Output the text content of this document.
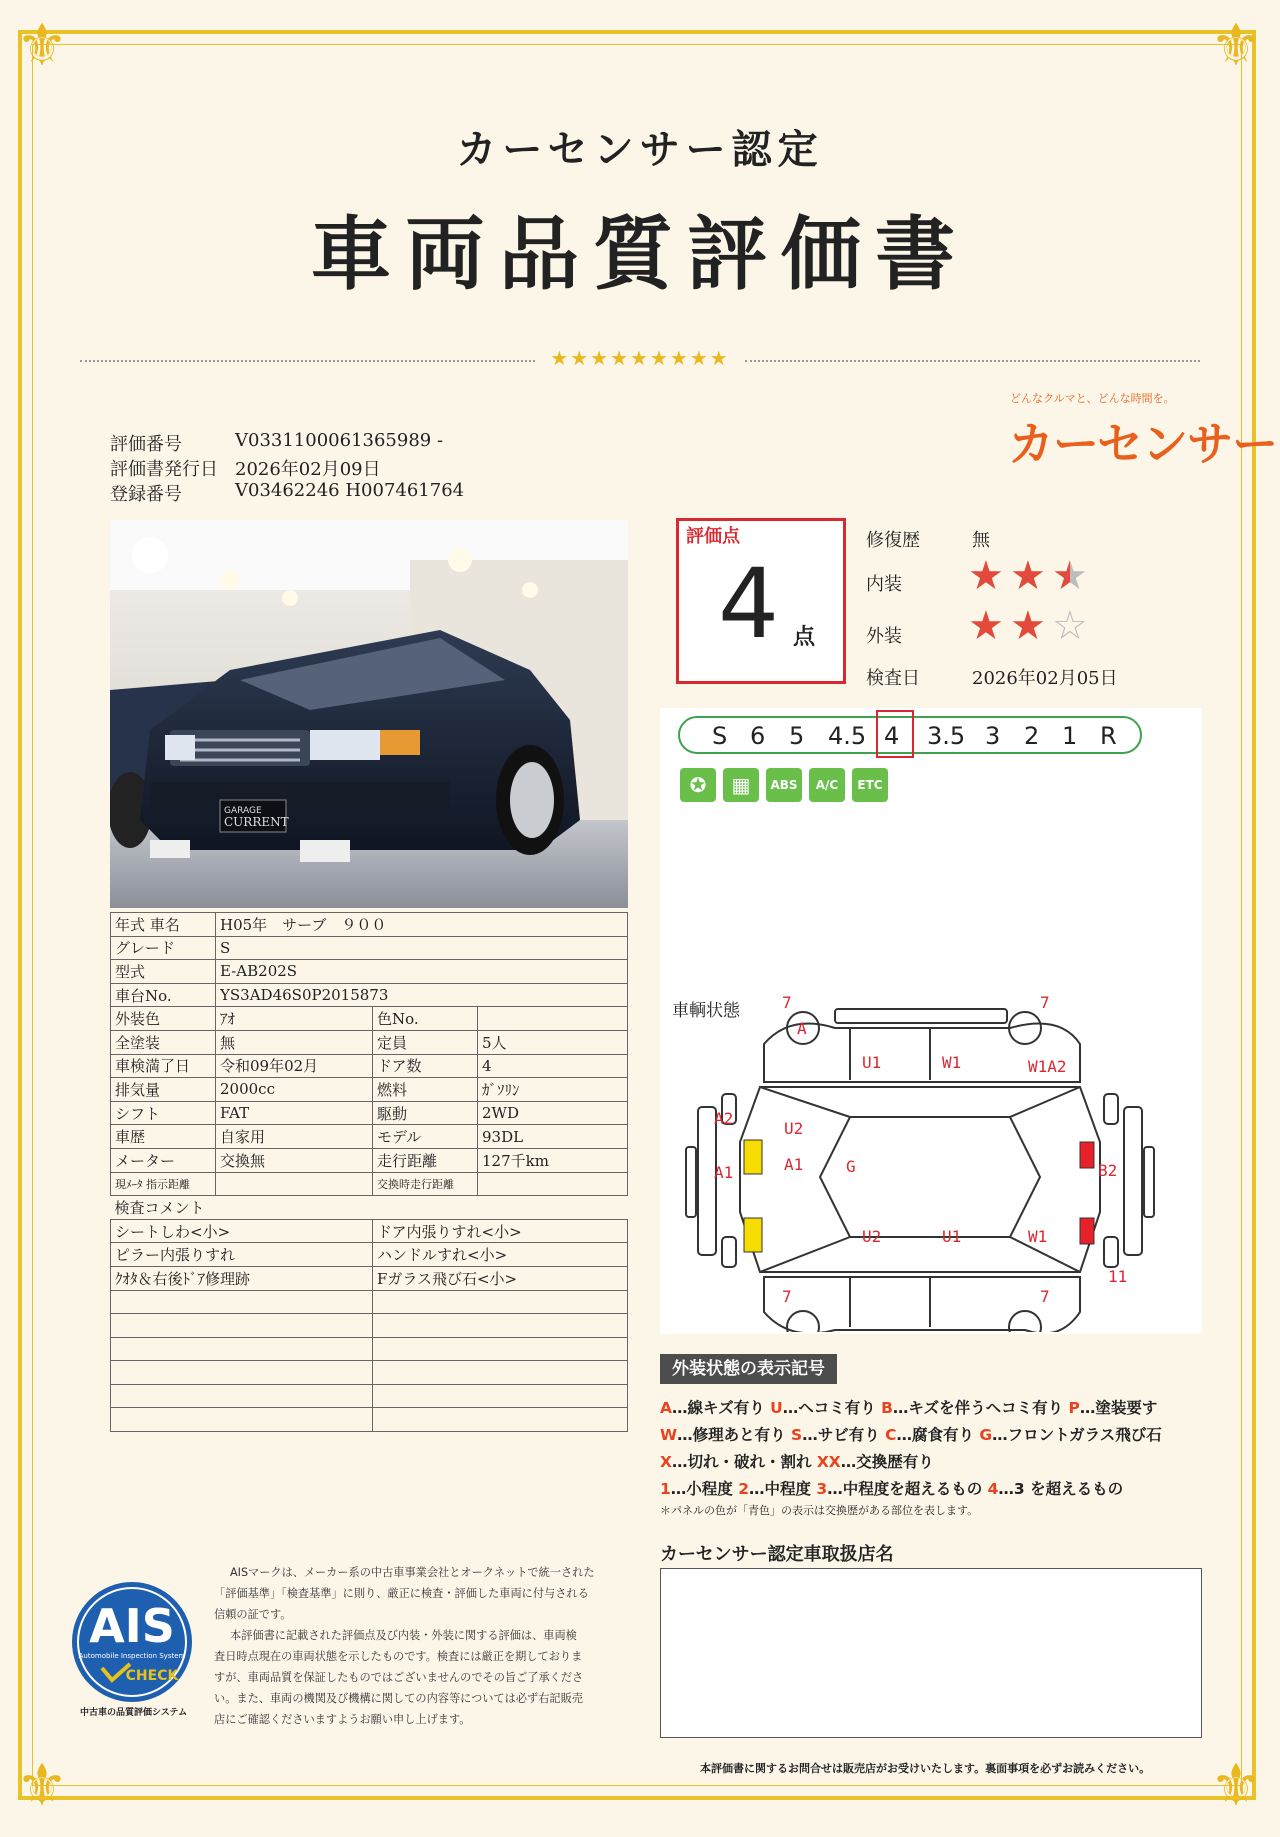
⚜	⚜
⚜	⚜
カーセンサー認定
車両品質評価書
★★★★★★★★★
どんなクルマと、どんな時間を。
カーセンサー
評価番号	V0331100061365989 -
評価書発行日 2026年02月09日
登録番号	V03462246 H007461764
GARAGE
CURRENT
年式 車名	H05年　サーブ　９００		
グレード	S		
型式	E-AB202S		
車台No.	YS3AD46S0P2015873		
外装色	ｱｵ	色No.	
全塗装	無	定員	5人
車検満了日	令和09年02月	ドア数	4
排気量	2000cc	燃料	ｶﾞｿﾘﾝ
シフト	FAT	駆動	2WD
車歴	自家用	モデル	93DL
メーター	交換無	走行距離	127千km
現ﾒｰﾀ 指示距離		交換時走行距離	
検査コメント			
シートしわ<小>		ドア内張りすれ<小>	
ピラー内張りすれ		ハンドルすれ<小>	
ｸｵﾀ＆右後ﾄﾞｱ修理跡		Fガラス飛び石<小>	

評価点
4 点
修復歴	無
内装 ★ ★ ★
外装 ★ ★ ☆
検査日	2026年02月05日
S 6 5 4.5 4 3.5 3 2 1 R
✪	▦	ABS	A/C	ETC
車輌状態	7	7
A
U1	W1	W1A2
A2
U2
A1	G
A1	B2
U2	U1	W1
7	7
11
外装状態の表示記号
A…線キズ有り U…ヘコミ有り B…キズを伴うヘコミ有り P…塗装要す
W…修理あと有り S…サビ有り C…腐食有り G…フロントガラス飛び石
X…切れ・破れ・割れ XX…交換歴有り
1…小程度 2…中程度 3…中程度を超えるもの 4…3 を超えるもの
＊パネルの色が「青色」の表示は交換歴がある部位を表します。
カーセンサー認定車取扱店名
AIS
Automobile Inspection System
CHECK
中古車の品質評価システム
AISマークは、メーカー系の中古車事業会社とオークネットで統一された
「評価基準」「検査基準」に則り、厳正に検査・評価した車両に付与される
信頼の証です。
本評価書に記載された評価点及び内装・外装に関する評価は、車両検
査日時点現在の車両状態を示したものです。検査には厳正を期しておりま
すが、車両品質を保証したものではございませんのでその旨ご了承くださ
い。また、車両の機関及び機構に関しての内容等については必ず右記販売
店にご確認くださいますようお願い申し上げます。
本評価書に関するお問合せは販売店がお受けいたします。裏面事項を必ずお読みください。
